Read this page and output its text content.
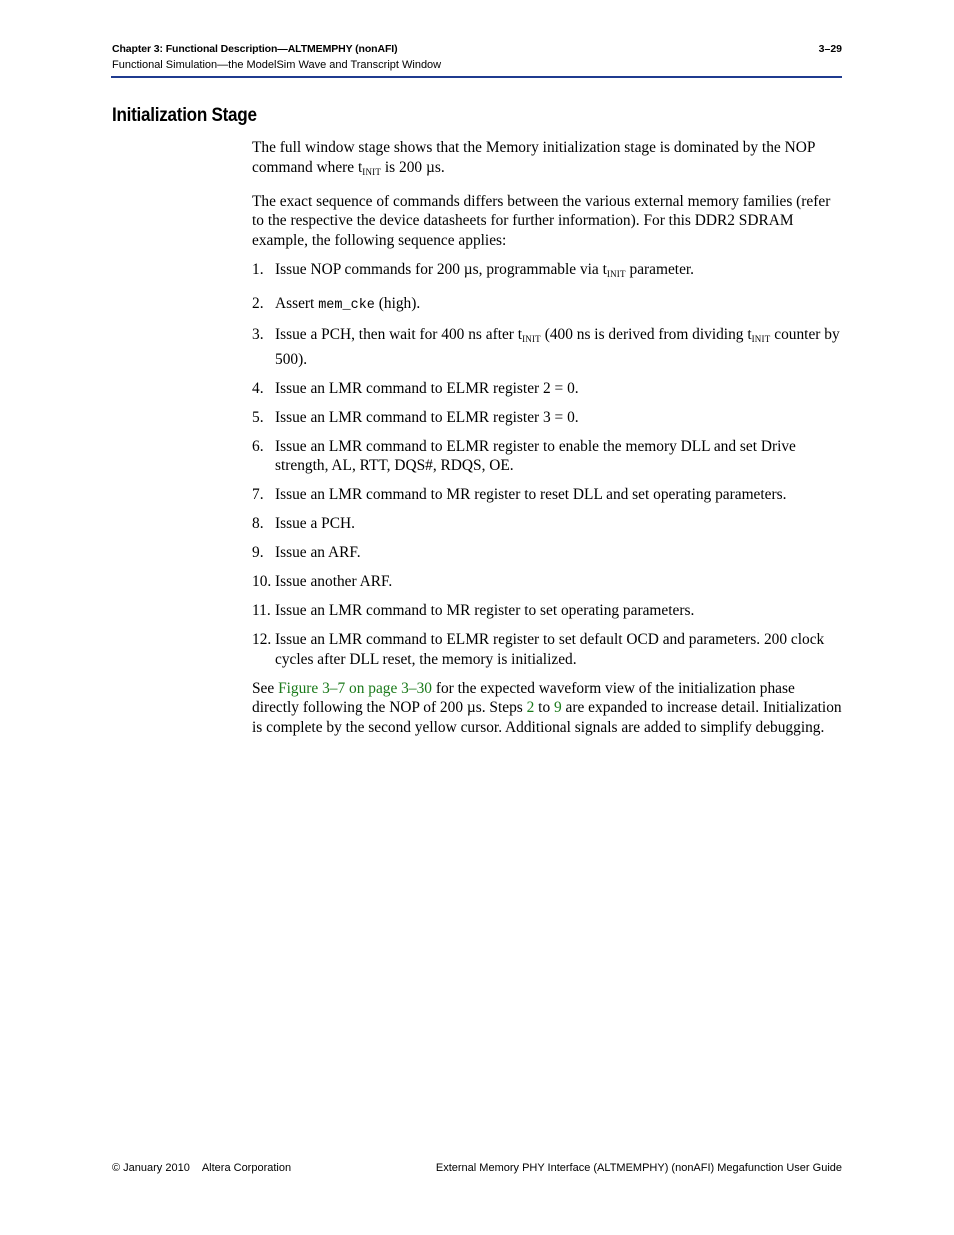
Chapter 3: Functional Description—ALTMEMPHY (nonAFI)	3–29
Functional Simulation—the ModelSim Wave and Transcript Window
Initialization Stage

The full window stage shows that the Memory initialization stage is dominated by the NOP command where $t_{INIT}$ is 200 µs.

The exact sequence of commands differs between the various external memory families (refer to the respective the device datasheets for further information). For this DDR2 SDRAM example, the following sequence applies:

1. Issue NOP commands for 200 µs, programmable via $t_{INIT}$ parameter.
2. Assert mem_cke (high).
3. Issue a PCH, then wait for 400 ns after $t_{INIT}$ (400 ns is derived from dividing $t_{INIT}$ counter by 500).
4. Issue an LMR command to ELMR register 2 = 0.
5. Issue an LMR command to ELMR register 3 = 0.
6. Issue an LMR command to ELMR register to enable the memory DLL and set Drive strength, AL, RTT, DQS#, RDQS, OE.
7. Issue an LMR command to MR register to reset DLL and set operating parameters.
8. Issue a PCH.
9. Issue an ARF.
10. Issue another ARF.
11. Issue an LMR command to MR register to set operating parameters.
12. Issue an LMR command to ELMR register to set default OCD and parameters. 200 clock cycles after DLL reset, the memory is initialized.

See Figure 3–7 on page 3–30 for the expected waveform view of the initialization phase directly following the NOP of 200 µs. Steps 2 to 9 are expanded to increase detail. Initialization is complete by the second yellow cursor. Additional signals are added to simplify debugging.

© January 2010 Altera Corporation	External Memory PHY Interface (ALTMEMPHY) (nonAFI) Megafunction User Guide
